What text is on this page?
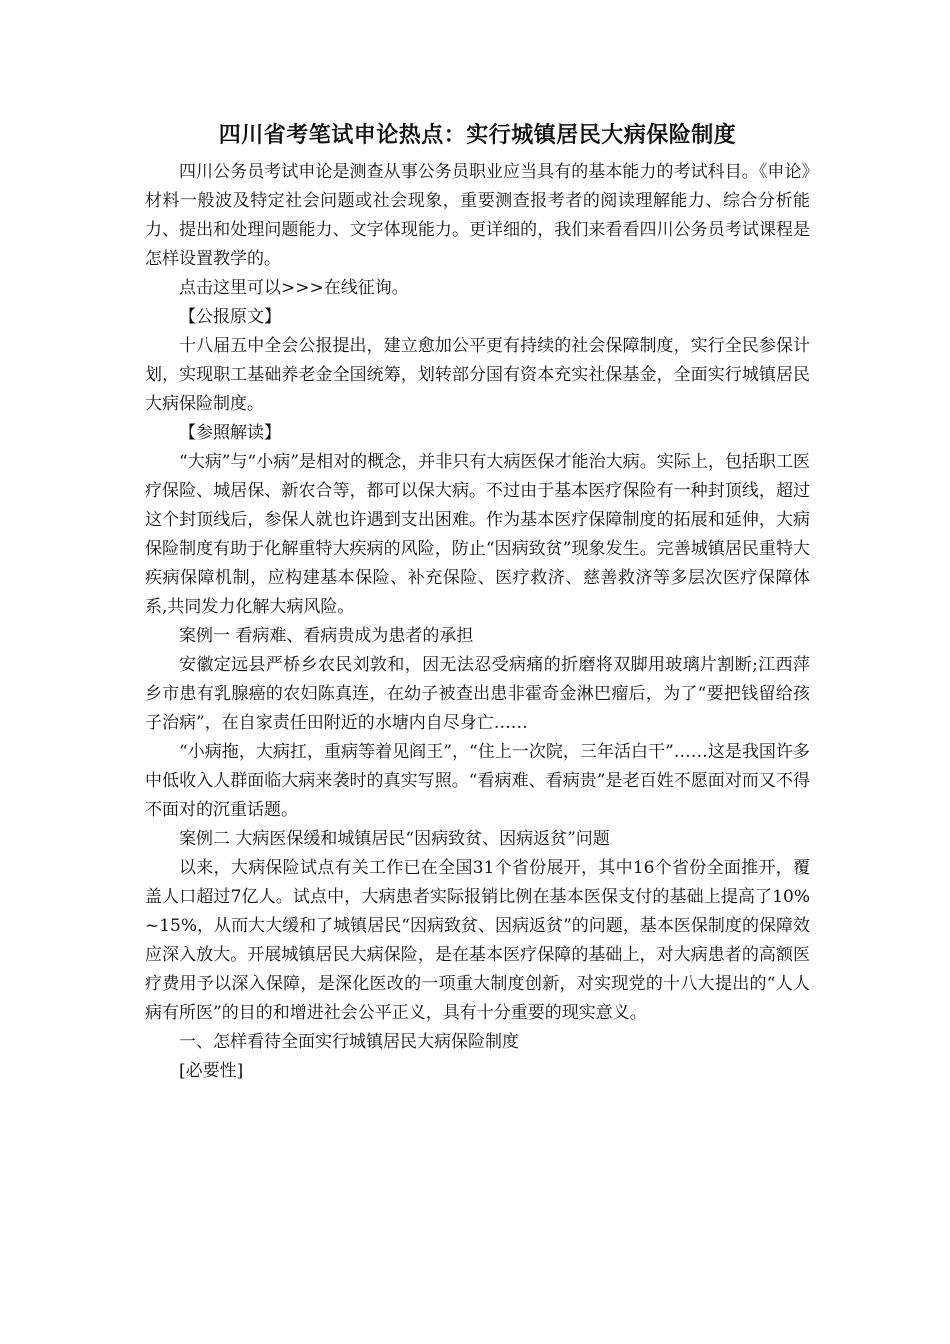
四川省考笔试申论热点：实行城镇居民大病保险制度

四川公务员考试申论是测查从事公务员职业应当具有的基本能力的考试科目。《申论》材料一般波及特定社会问题或社会现象，重要测查报考者的阅读理解能力、综合分析能力、提出和处理问题能力、文字体现能力。更详细的，我们来看看四川公务员考试课程是怎样设置教学的。

点击这里可以>>>在线征询。

【公报原文】

十八届五中全会公报提出，建立愈加公平更有持续的社会保障制度，实行全民参保计划，实现职工基础养老金全国统筹，划转部分国有资本充实社保基金，全面实行城镇居民大病保险制度。

【参照解读】

“大病”与“小病”是相对的概念，并非只有大病医保才能治大病。实际上，包括职工医疗保险、城居保、新农合等，都可以保大病。不过由于基本医疗保险有一种封顶线，超过这个封顶线后，参保人就也许遇到支出困难。作为基本医疗保障制度的拓展和延伸，大病保险制度有助于化解重特大疾病的风险，防止“因病致贫”现象发生。完善城镇居民重特大疾病保障机制，应构建基本保险、补充保险、医疗救济、慈善救济等多层次医疗保障体系,共同发力化解大病风险。

案例一 看病难、看病贵成为患者的承担

安徽定远县严桥乡农民刘敦和，因无法忍受病痛的折磨将双脚用玻璃片割断;江西萍乡市患有乳腺癌的农妇陈真连，在幼子被查出患非霍奇金淋巴瘤后，为了“要把钱留给孩子治病”，在自家责任田附近的水塘内自尽身亡……

“小病拖，大病扛，重病等着见阎王”，“住上一次院，三年活白干”……这是我国许多中低收入人群面临大病来袭时的真实写照。“看病难、看病贵”是老百姓不愿面对而又不得不面对的沉重话题。

案例二 大病医保缓和城镇居民“因病致贫、因病返贫”问题

以来，大病保险试点有关工作已在全国31个省份展开，其中16个省份全面推开，覆盖人口超过7亿人。试点中，大病患者实际报销比例在基本医保支付的基础上提高了10%~15%，从而大大缓和了城镇居民“因病致贫、因病返贫”的问题，基本医保制度的保障效应深入放大。开展城镇居民大病保险，是在基本医疗保障的基础上，对大病患者的高额医疗费用予以深入保障，是深化医改的一项重大制度创新，对实现党的十八大提出的“人人病有所医”的目的和增进社会公平正义，具有十分重要的现实意义。

一、怎样看待全面实行城镇居民大病保险制度

[必要性]
